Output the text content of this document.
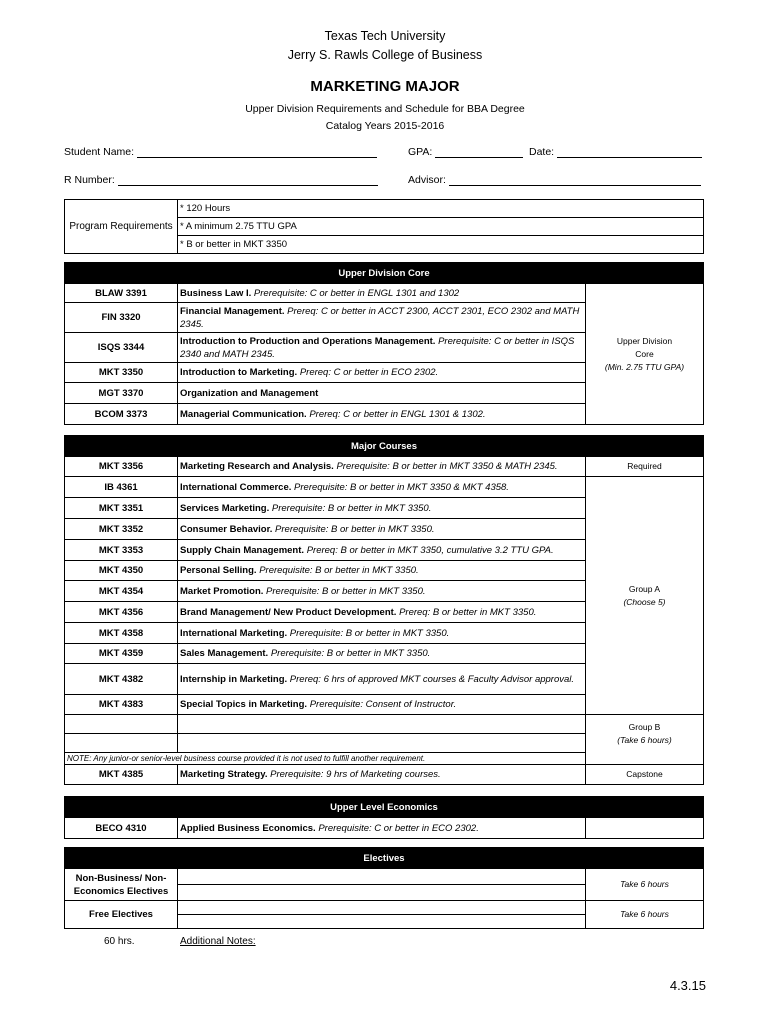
Texas Tech University
Jerry S. Rawls College of Business
MARKETING MAJOR
Upper Division Requirements and Schedule for BBA Degree
Catalog Years 2015-2016
Student Name:	GPA:	Date:
R Number:	Advisor:
Program Requirements	* 120 Hours
* A minimum 2.75 TTU GPA
* B or better in MKT 3350
Upper Division Core		
BLAW 3391	Business Law I. Prerequisite: C or better in ENGL 1301 and 1302	Upper Division
Core
(Min. 2.75 TTU GPA)

FIN 3320	Financial Management. Prereq: C or better in ACCT 2300, ACCT 2301, ECO 2302 and MATH 2345.	
ISQS 3344	Introduction to Production and Operations Management. Prerequisite: C or better in ISQS 2340 and MATH 2345.	
MKT 3350	Introduction to Marketing. Prereq: C or better in ECO 2302.	
MGT 3370	Organization and Management	
BCOM 3373	Managerial Communication. Prereq: C or better in ENGL 1301 & 1302.	
Major Courses		
MKT 3356	Marketing Research and Analysis. Prerequisite: B or better in MKT 3350 & MATH 2345.	Required
IB 4361	International Commerce. Prerequisite: B or better in MKT 3350 & MKT 4358.	Group A
(Choose 5)

MKT 3351	Services Marketing. Prerequisite: B or better in MKT 3350.	
MKT 3352	Consumer Behavior. Prerequisite: B or better in MKT 3350.	
MKT 3353	Supply Chain Management. Prereq: B or better in MKT 3350, cumulative 3.2 TTU GPA.	
MKT 4350	Personal Selling. Prerequisite: B or better in MKT 3350.	
MKT 4354	Market Promotion. Prerequisite: B or better in MKT 3350.	
MKT 4356	Brand Management/ New Product Development. Prereq: B or better in MKT 3350.	
MKT 4358	International Marketing. Prerequisite: B or better in MKT 3350.	
MKT 4359	Sales Management. Prerequisite: B or better in MKT 3350.	
MKT 4382	Internship in Marketing. Prereq: 6 hrs of approved MKT courses & Faculty Advisor approval.	
MKT 4383	Special Topics in Marketing. Prerequisite: Consent of Instructor.	

		Group B
(Take 6 hours)

NOTE: Any junior-or senior-level business course provided it is not used to fulfill another requirement.		
MKT 4385	Marketing Strategy. Prerequisite: 9 hrs of Marketing courses.	Capstone
Upper Level Economics
BECO 4310	Applied Business Economics. Prerequisite: C or better in ECO 2302.	
Electives		

Non-Business/ Non-
Economics Electives		Take 6 hours

Free Electives		Take 6 hours

60 hrs.	Additional Notes:
4.3.15
